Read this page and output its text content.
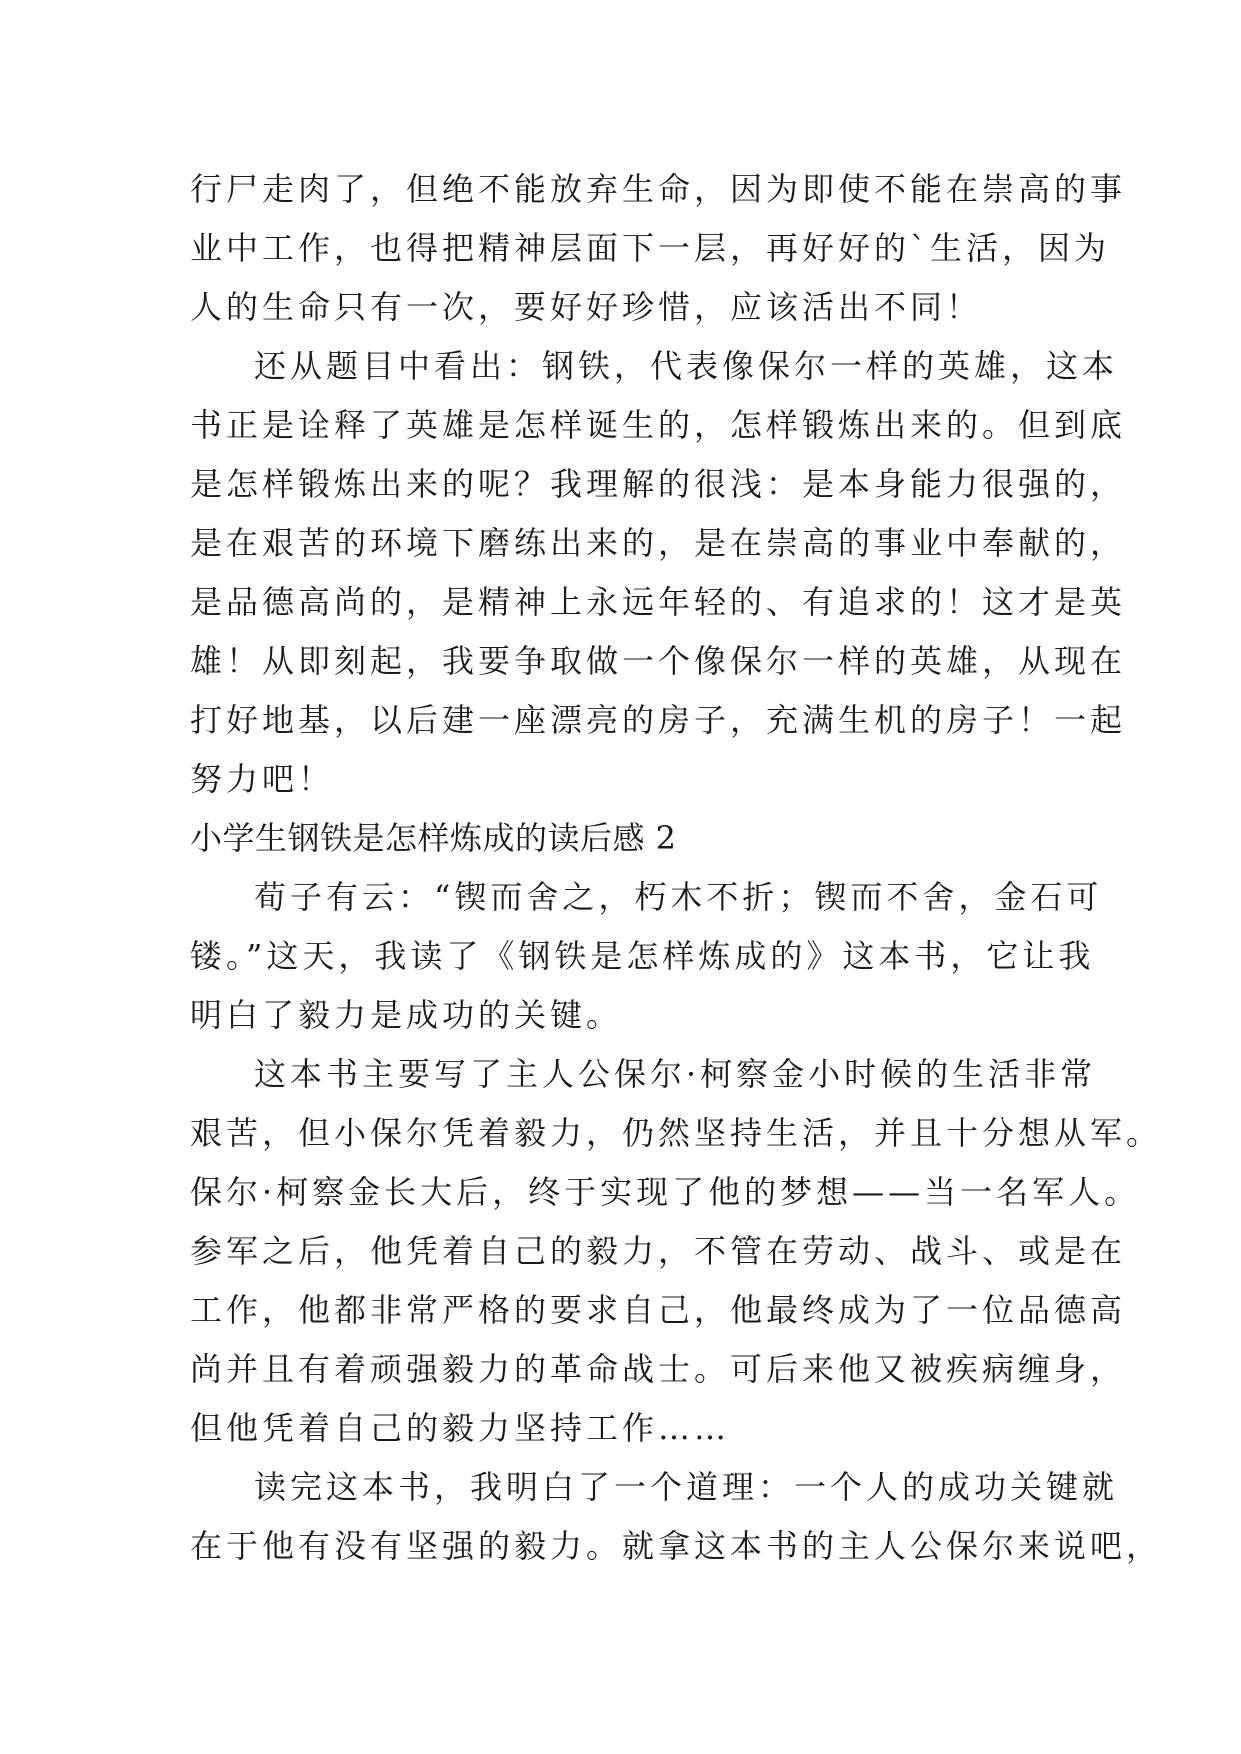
行尸走肉了，但绝不能放弃生命，因为即使不能在崇高的事
业中工作，也得把精神层面下一层，再好好的`生活，因为
人的生命只有一次，要好好珍惜，应该活出不同！
还从题目中看出：钢铁，代表像保尔一样的英雄，这本
书正是诠释了英雄是怎样诞生的，怎样锻炼出来的。但到底
是怎样锻炼出来的呢？我理解的很浅：是本身能力很强的，
是在艰苦的环境下磨练出来的，是在崇高的事业中奉献的，
是品德高尚的，是精神上永远年轻的、有追求的！这才是英
雄！从即刻起，我要争取做一个像保尔一样的英雄，从现在
打好地基，以后建一座漂亮的房子，充满生机的房子！一起
努力吧！
小学生钢铁是怎样炼成的读后感 2
荀子有云：“锲而舍之，朽木不折；锲而不舍，金石可
镂。”这天，我读了《钢铁是怎样炼成的》这本书，它让我
明白了毅力是成功的关键。
这本书主要写了主人公保尔·柯察金小时候的生活非常
艰苦，但小保尔凭着毅力，仍然坚持生活，并且十分想从军。
保尔·柯察金长大后，终于实现了他的梦想——当一名军人。
参军之后，他凭着自己的毅力，不管在劳动、战斗、或是在
工作，他都非常严格的要求自己，他最终成为了一位品德高
尚并且有着顽强毅力的革命战士。可后来他又被疾病缠身，
但他凭着自己的毅力坚持工作……
读完这本书，我明白了一个道理：一个人的成功关键就
在于他有没有坚强的毅力。就拿这本书的主人公保尔来说吧，
